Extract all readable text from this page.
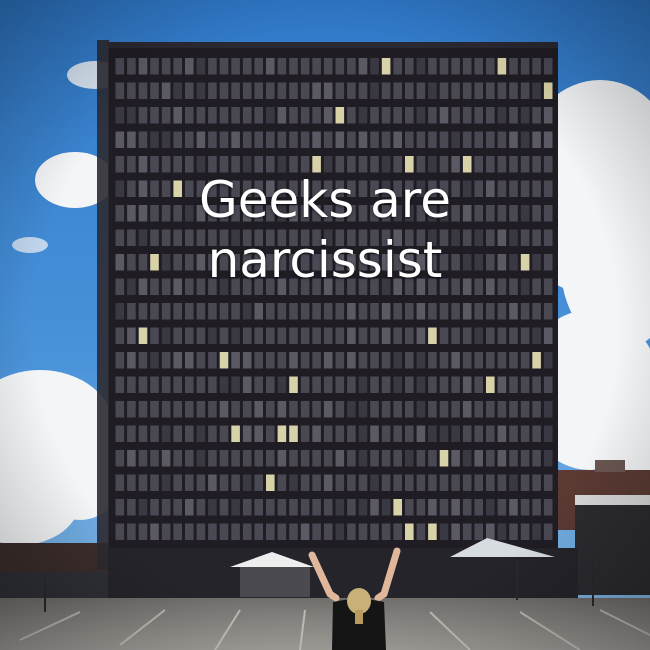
Geeks are
narcissist
